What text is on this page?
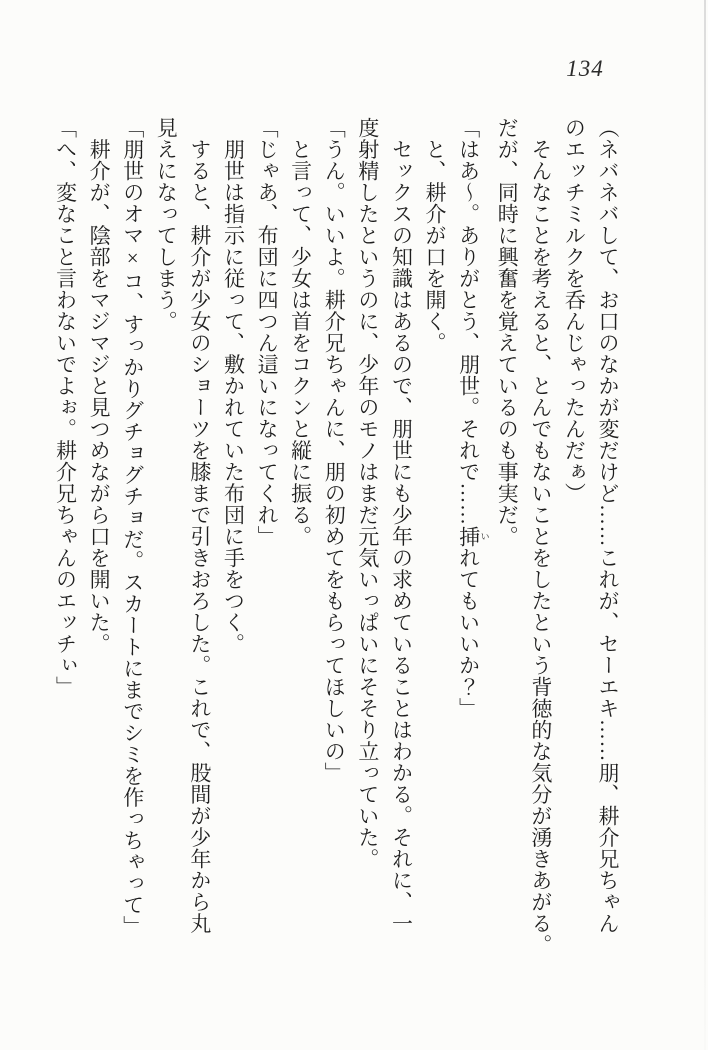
134

（ネバネバして、お口のなかが変だけど……これが、セーエキ……朋、耕介兄ちゃん

のエッチミルクを呑んじゃったんだぁ）

　そんなことを考えると、とんでもないことをしたという背徳的な気分が湧きあがる。

だが、同時に興奮を覚えているのも事実だ。

「はあ～。ありがとう、朋世。それで……挿 いれてもいいか？」

　と、耕介が口を開く。

　セックスの知識はあるので、朋世にも少年の求めていることはわかる。それに、一

度射精したというのに、少年のモノはまだ元気いっぱいにそそり立っていた。

「うん。いいよ。耕介兄ちゃんに、朋の初めてをもらってほしいの」

　と言って、少女は首をコクンと縦に振る。

「じゃあ、布団に四つん這いになってくれ」

　朋世は指示に従って、敷かれていた布団に手をつく。

　すると、耕介が少女のショーツを膝まで引きおろした。これで、股間が少年から丸

見えになってしまう。

「朋世のオマ×コ、すっかりグチョグチョだ。スカートにまでシミを作っちゃって」

　耕介が、陰部をマジマジと見つめながら口を開いた。

「へ、変なこと言わないでよぉ。耕介兄ちゃんのエッチぃ」
